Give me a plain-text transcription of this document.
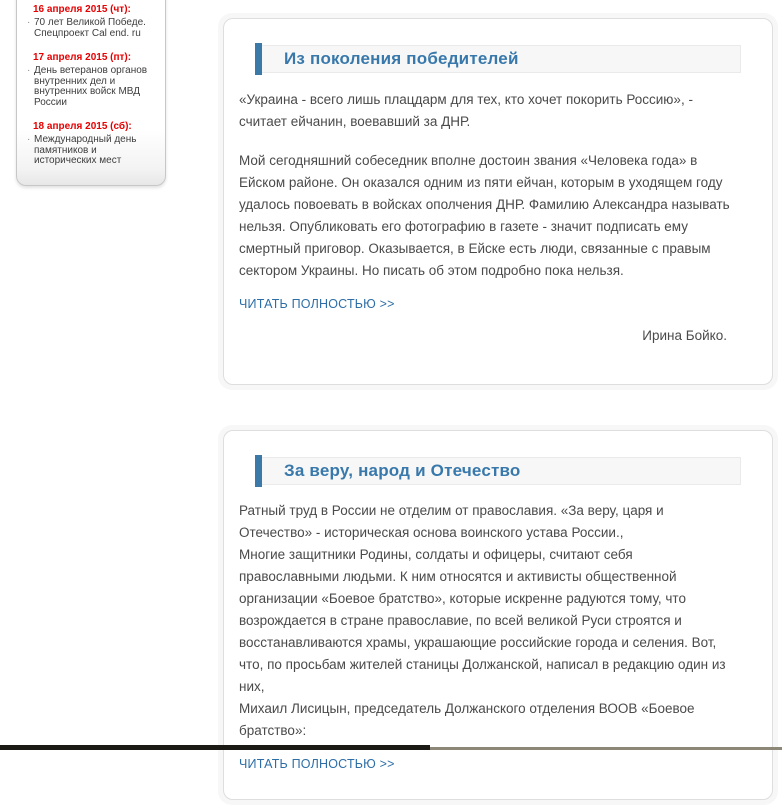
16 апреля 2015 (чт):
· 70 лет Великой Победе. Спецпроект Cal end. ru
17 апреля 2015 (пт):
· День ветеранов органов внутренних дел и внутренних войск МВД России
18 апреля 2015 (сб):
· Международный день памятников и исторических мест
Из поколения победителей

«Украина - всего лишь плацдарм для тех, кто хочет покорить Россию», - считает ейчанин, воевавший за ДНР.

Мой сегодняшний собеседник вполне достоин звания «Человека года» в Ейском районе. Он оказался одним из пяти ейчан, которым в уходящем году удалось повоевать в войсках ополчения ДНР. Фамилию Александра называть нельзя. Опубликовать его фотографию в газете - значит подписать ему смертный приговор. Оказывается, в Ейске есть люди, связанные с правым сектором Украины. Но писать об этом подробно пока нельзя.

ЧИТАТЬ ПОЛНОСТЬЮ >>

Ирина Бойко.

За веру, народ и Отечество

Ратный труд в России не отделим от православия. «За веру, царя и Отечество» - историческая основа воинского устава России.,

Многие защитники Родины, солдаты и офицеры, считают себя православными людьми. К ним относятся и активисты общественной организации «Боевое братство», которые искренне радуются тому, что возрождается в стране православие, по всей великой Руси строятся и восстанавливаются храмы, украшающие российские города и селения. Вот, что, по просьбам жителей станицы Должанской, написал в редакцию один из них,

Михаил Лисицын, председатель Должанского отделения ВООВ «Боевое братство»:

ЧИТАТЬ ПОЛНОСТЬЮ >>
